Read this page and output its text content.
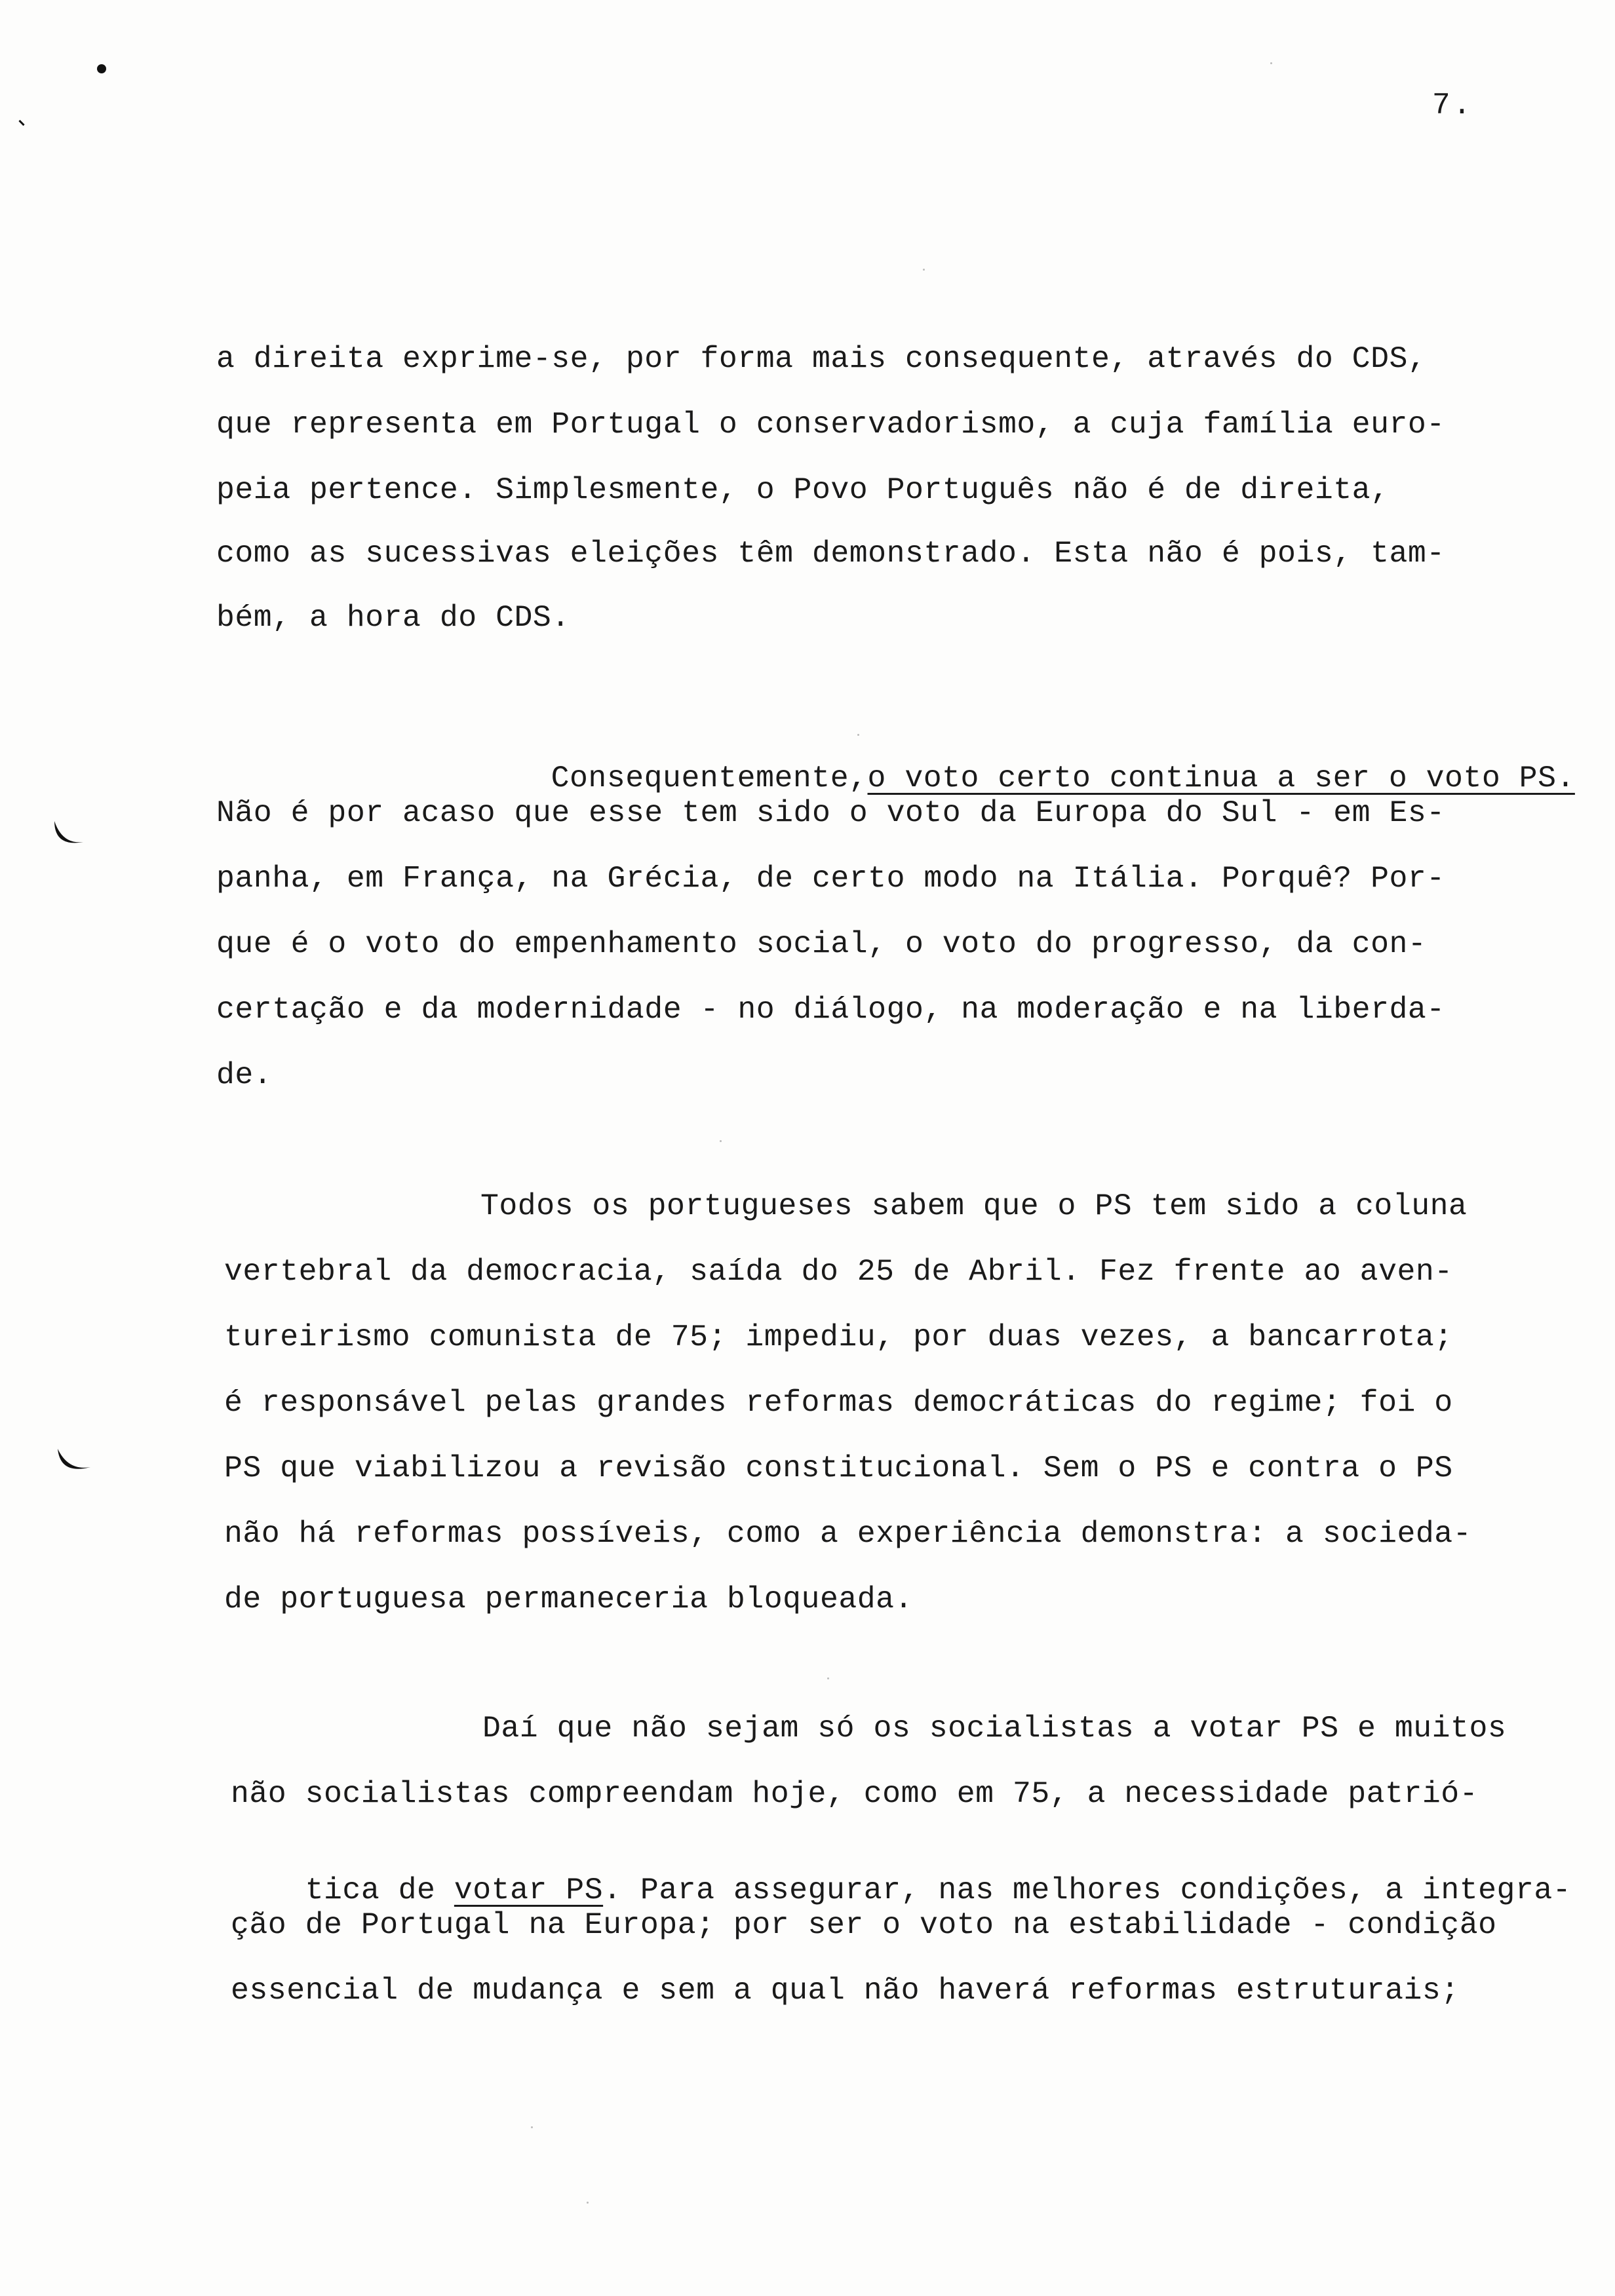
7.
a direita exprime-se, por forma mais consequente, através do CDS,
que representa em Portugal o conservadorismo, a cuja família euro-
peia pertence. Simplesmente, o Povo Português não é de direita,
como as sucessivas eleições têm demonstrado. Esta não é pois, tam-
bém, a hora do CDS.

Consequentemente,o voto certo continua a ser o voto PS.

Não é por acaso que esse tem sido o voto da Europa do Sul - em Es-
panha, em França, na Grécia, de certo modo na Itália. Porquê? Por-
que é o voto do empenhamento social, o voto do progresso, da con-
certação e da modernidade - no diálogo, na moderação e na liberda-
de.
Todos os portugueses sabem que o PS tem sido a coluna
vertebral da democracia, saída do 25 de Abril. Fez frente ao aven-
tureirismo comunista de 75; impediu, por duas vezes, a bancarrota;
é responsável pelas grandes reformas democráticas do regime; foi o
PS que viabilizou a revisão constitucional. Sem o PS e contra o PS
não há reformas possíveis, como a experiência demonstra: a socieda-
de portuguesa permaneceria bloqueada.
Daí que não sejam só os socialistas a votar PS e muitos
não socialistas compreendam hoje, como em 75, a necessidade patrió-

tica de votar PS. Para assegurar, nas melhores condições, a integra-

ção de Portugal na Europa; por ser o voto na estabilidade - condição
essencial de mudança e sem a qual não haverá reformas estruturais;
